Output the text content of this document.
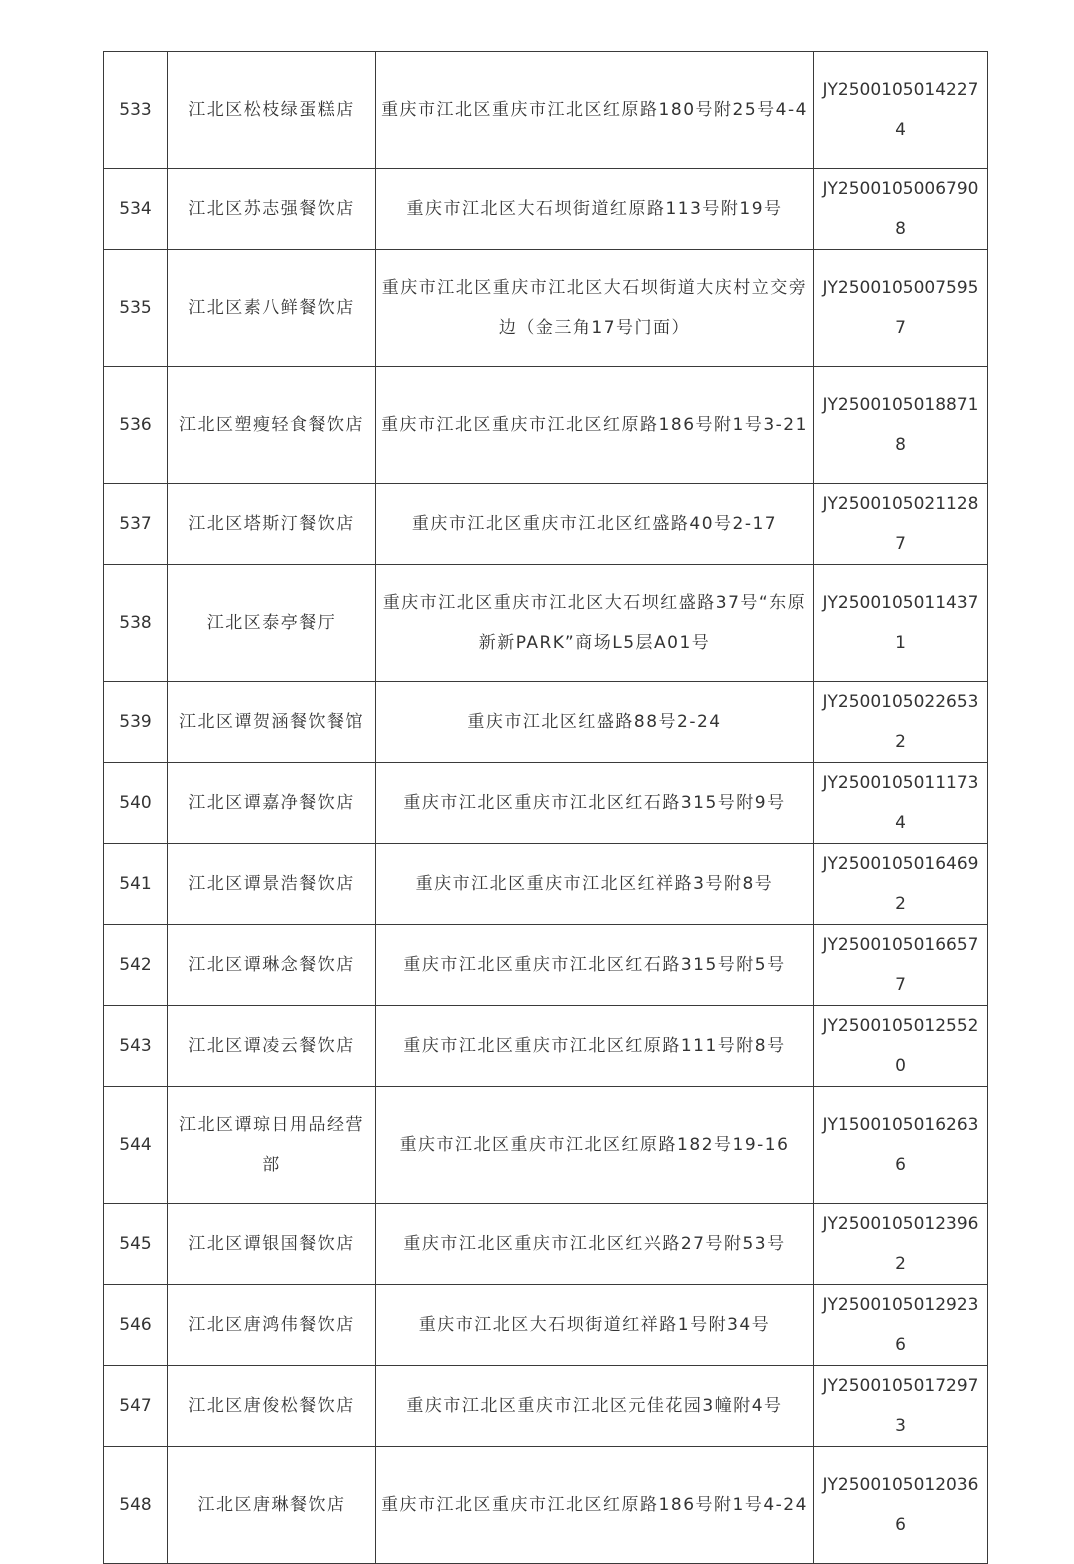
533	江北区松枝绿蛋糕店	重庆市江北区重庆市江北区红原路180号附25号4-4	JY25001050142274
534	江北区苏志强餐饮店	重庆市江北区大石坝街道红原路113号附19号	JY25001050067908
535	江北区素八鲜餐饮店	重庆市江北区重庆市江北区大石坝街道大庆村立交旁边（金三角17号门面）	JY25001050075957
536	江北区塑瘦轻食餐饮店	重庆市江北区重庆市江北区红原路186号附1号3-21	JY25001050188718
537	江北区塔斯汀餐饮店	重庆市江北区重庆市江北区红盛路40号2-17	JY25001050211287
538	江北区泰亭餐厅	重庆市江北区重庆市江北区大石坝红盛路37号“东原新新PARK”商场L5层A01号	JY25001050114371
539	江北区谭贺涵餐饮餐馆	重庆市江北区红盛路88号2-24	JY25001050226532
540	江北区谭嘉净餐饮店	重庆市江北区重庆市江北区红石路315号附9号	JY25001050111734
541	江北区谭景浩餐饮店	重庆市江北区重庆市江北区红祥路3号附8号	JY25001050164692
542	江北区谭琳念餐饮店	重庆市江北区重庆市江北区红石路315号附5号	JY25001050166577
543	江北区谭凌云餐饮店	重庆市江北区重庆市江北区红原路111号附8号	JY25001050125520
544	江北区谭琼日用品经营部	重庆市江北区重庆市江北区红原路182号19-16	JY15001050162636
545	江北区谭银国餐饮店	重庆市江北区重庆市江北区红兴路27号附53号	JY25001050123962
546	江北区唐鸿伟餐饮店	重庆市江北区大石坝街道红祥路1号附34号	JY25001050129236
547	江北区唐俊松餐饮店	重庆市江北区重庆市江北区元佳花园3幢附4号	JY25001050172973
548	江北区唐琳餐饮店	重庆市江北区重庆市江北区红原路186号附1号4-24	JY25001050120366
